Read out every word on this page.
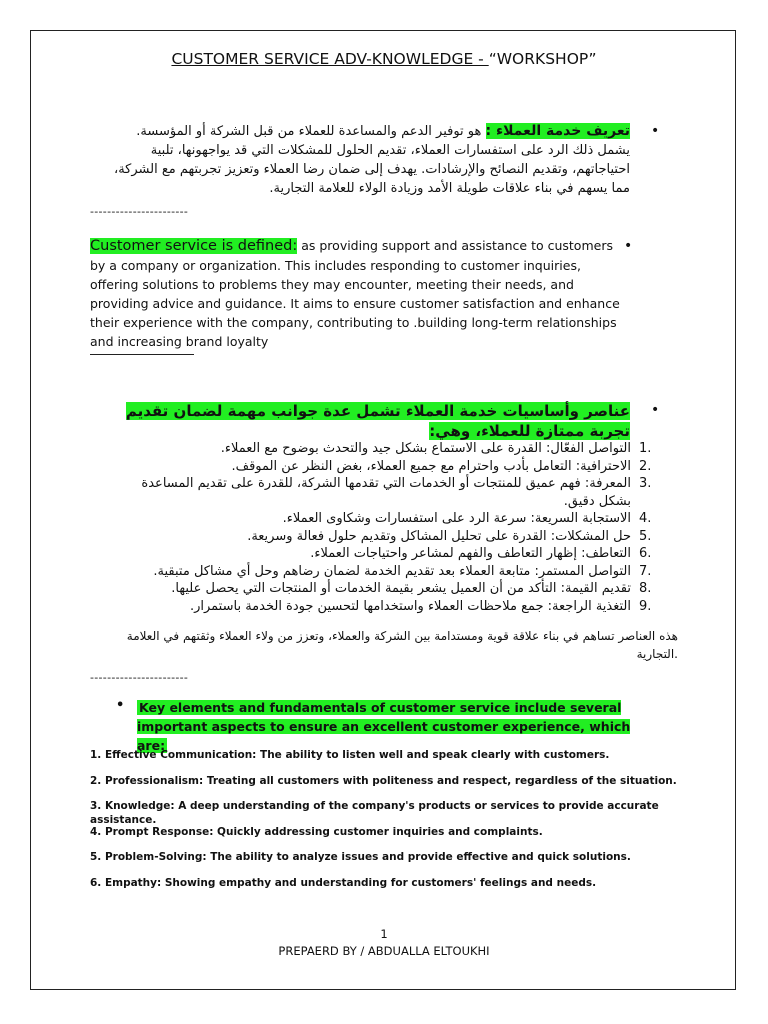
CUSTOMER SERVICE ADV-KNOWLEDGE - “WORKSHOP”
•
تعريف خدمة العملاء : هو توفير الدعم والمساعدة للعملاء من قبل الشركة أو المؤسسة. يشمل ذلك الرد على استفسارات العملاء، تقديم الحلول للمشكلات التي قد يواجهونها، تلبية احتياجاتهم، وتقديم النصائح والإرشادات. يهدف إلى ضمان رضا العملاء وتعزيز تجربتهم مع الشركة، مما يسهم في بناء علاقات طويلة الأمد وزيادة الولاء للعلامة التجارية.
-----------------------
•
Customer service is defined: as providing support and assistance to customers by a company or organization. This includes responding to customer inquiries, offering solutions to problems they may encounter, meeting their needs, and providing advice and guidance. It aims to ensure customer satisfaction and enhance their experience with the company, contributing to .building long-term relationships and increasing brand loyalty
•
عناصر وأساسيات خدمة العملاء تشمل عدة جوانب مهمة لضمان تقديم تجربة ممتازة للعملاء، وهي:
1.
التواصل الفعّال: القدرة على الاستماع بشكل جيد والتحدث بوضوح مع العملاء.
2.
الاحترافية: التعامل بأدب واحترام مع جميع العملاء، بغض النظر عن الموقف.
3.
المعرفة: فهم عميق للمنتجات أو الخدمات التي تقدمها الشركة، للقدرة على تقديم المساعدة بشكل دقيق.
4.
الاستجابة السريعة: سرعة الرد على استفسارات وشكاوى العملاء.
5.
حل المشكلات: القدرة على تحليل المشاكل وتقديم حلول فعالة وسريعة.
6.
التعاطف: إظهار التعاطف والفهم لمشاعر واحتياجات العملاء.
7.
التواصل المستمر: متابعة العملاء بعد تقديم الخدمة لضمان رضاهم وحل أي مشاكل متبقية.
8.
تقديم القيمة: التأكد من أن العميل يشعر بقيمة الخدمات أو المنتجات التي يحصل عليها.
9.
التغذية الراجعة: جمع ملاحظات العملاء واستخدامها لتحسين جودة الخدمة باستمرار.
هذه العناصر تساهم في بناء علاقة قوية ومستدامة بين الشركة والعملاء، وتعزز من ولاء العملاء وثقتهم في العلامة .التجارية
-----------------------
• Key elements and fundamentals of customer service include several important aspects to ensure an excellent customer experience, which are:
1. Effective Communication: The ability to listen well and speak clearly with customers.
2. Professionalism: Treating all customers with politeness and respect, regardless of the situation.
3. Knowledge: A deep understanding of the company's products or services to provide accurate assistance.
4. Prompt Response: Quickly addressing customer inquiries and complaints.
5. Problem-Solving: The ability to analyze issues and provide effective and quick solutions.
6. Empathy: Showing empathy and understanding for customers' feelings and needs.
1
PREPAERD BY / ABDUALLA ELTOUKHI
